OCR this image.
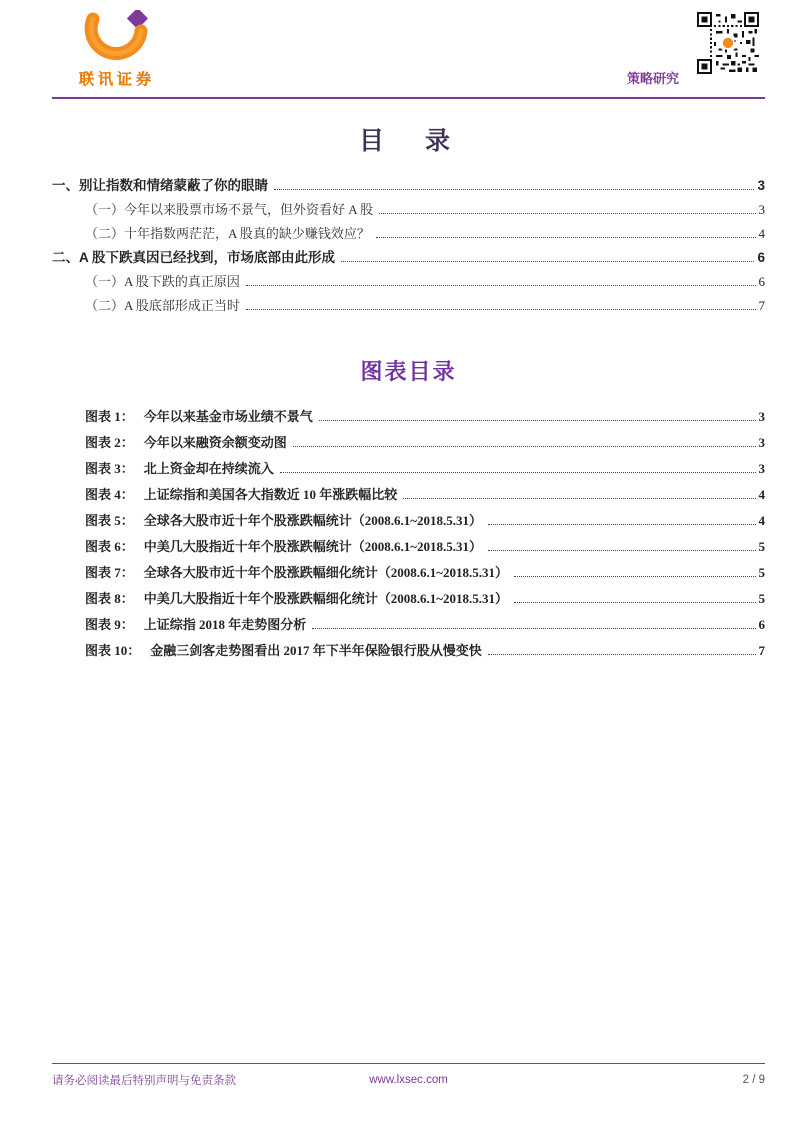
联讯证券	策略研究
目　录
一、别让指数和情绪蒙蔽了你的眼睛	3
（一）今年以来股票市场不景气，但外资看好 A 股	3
（二）十年指数两茫茫，A 股真的缺少赚钱效应？	4
二、A 股下跌真因已经找到，市场底部由此形成	6
（一）A 股下跌的真正原因	6
（二）A 股底部形成正当时	7
图表目录
图表 1： 今年以来基金市场业绩不景气	3
图表 2： 今年以来融资余额变动图	3
图表 3： 北上资金却在持续流入	3
图表 4： 上证综指和美国各大指数近 10 年涨跌幅比较	4
图表 5： 全球各大股市近十年个股涨跌幅统计（2008.6.1~2018.5.31）	4
图表 6： 中美几大股指近十年个股涨跌幅统计（2008.6.1~2018.5.31）	5
图表 7： 全球各大股市近十年个股涨跌幅细化统计（2008.6.1~2018.5.31）	5
图表 8： 中美几大股指近十年个股涨跌幅细化统计（2008.6.1~2018.5.31）	5
图表 9： 上证综指 2018 年走势图分析	6
图表 10： 金融三剑客走势图看出 2017 年下半年保险银行股从慢变快	7
请务必阅读最后特别声明与免责条款	www.lxsec.com	2 / 9
